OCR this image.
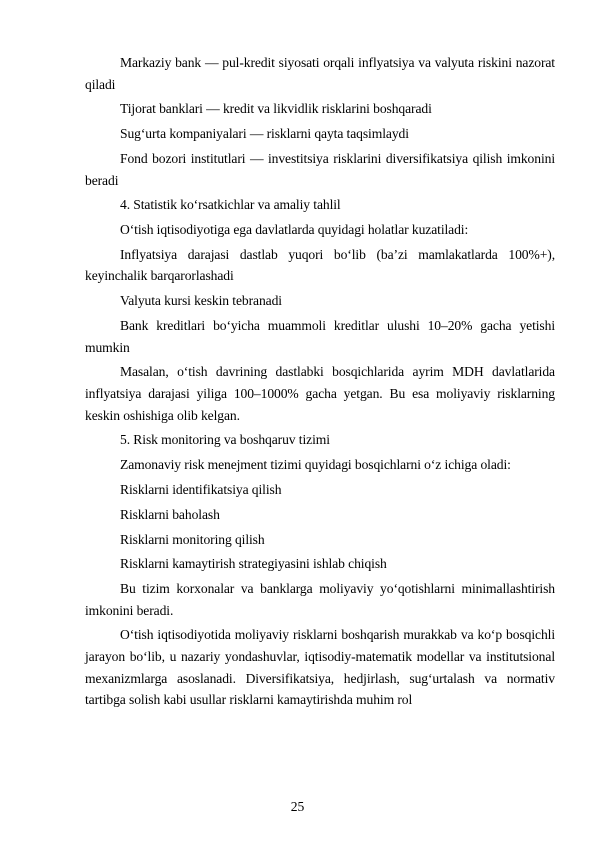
Markaziy bank — pul-kredit siyosati orqali inflyatsiya va valyuta riskini nazorat qiladi

Tijorat banklari — kredit va likvidlik risklarini boshqaradi

Sug‘urta kompaniyalari — risklarni qayta taqsimlaydi

Fond bozori institutlari — investitsiya risklarini diversifikatsiya qilish imkonini beradi

4. Statistik ko‘rsatkichlar va amaliy tahlil

O‘tish iqtisodiyotiga ega davlatlarda quyidagi holatlar kuzatiladi:

Inflyatsiya darajasi dastlab yuqori bo‘lib (ba’zi mamlakatlarda 100%+), keyinchalik barqarorlashadi

Valyuta kursi keskin tebranadi

Bank kreditlari bo‘yicha muammoli kreditlar ulushi 10–20% gacha yetishi mumkin

Masalan, o‘tish davrining dastlabki bosqichlarida ayrim MDH davlatlarida inflyatsiya darajasi yiliga 100–1000% gacha yetgan. Bu esa moliyaviy risklarning keskin oshishiga olib kelgan.

5. Risk monitoring va boshqaruv tizimi

Zamonaviy risk menejment tizimi quyidagi bosqichlarni o‘z ichiga oladi:

Risklarni identifikatsiya qilish

Risklarni baholash

Risklarni monitoring qilish

Risklarni kamaytirish strategiyasini ishlab chiqish

Bu tizim korxonalar va banklarga moliyaviy yo‘qotishlarni minimallashtirish imkonini beradi.

O‘tish iqtisodiyotida moliyaviy risklarni boshqarish murakkab va ko‘p bosqichli jarayon bo‘lib, u nazariy yondashuvlar, iqtisodiy-matematik modellar va institutsional mexanizmlarga asoslanadi. Diversifikatsiya, hedjirlash, sug‘urtalash va normativ tartibga solish kabi usullar risklarni kamaytirishda muhim rol

25
